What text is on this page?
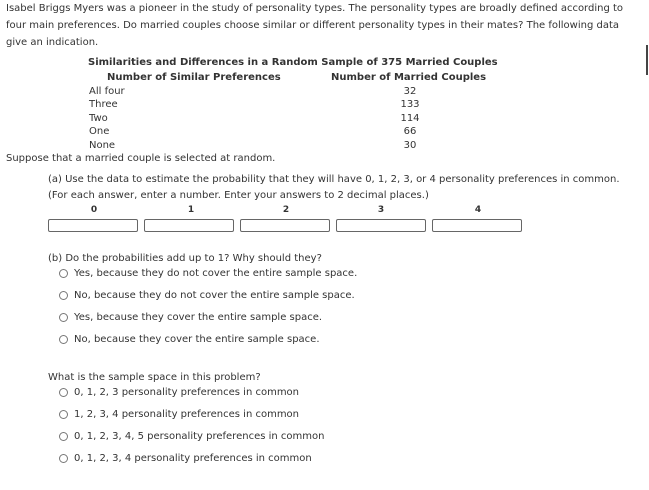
Isabel Briggs Myers was a pioneer in the study of personality types. The personality types are broadly defined according to four main preferences. Do married couples choose similar or different personality types in their mates? The following data give an indication.
Similarities and Differences in a Random Sample of 375 Married Couples
Number of Similar Preferences	Number of Married Couples
All four	32
Three	133
Two	114
One	66
None	30
Suppose that a married couple is selected at random.
(a) Use the data to estimate the probability that they will have 0, 1, 2, 3, or 4 personality preferences in common.
(For each answer, enter a number. Enter your answers to 2 decimal places.)
0	1	2	3	4
(b) Do the probabilities add up to 1? Why should they?
Yes, because they do not cover the entire sample space.
No, because they do not cover the entire sample space.
Yes, because they cover the entire sample space.
No, because they cover the entire sample space.
What is the sample space in this problem?
0, 1, 2, 3 personality preferences in common
1, 2, 3, 4 personality preferences in common
0, 1, 2, 3, 4, 5 personality preferences in common
0, 1, 2, 3, 4 personality preferences in common
